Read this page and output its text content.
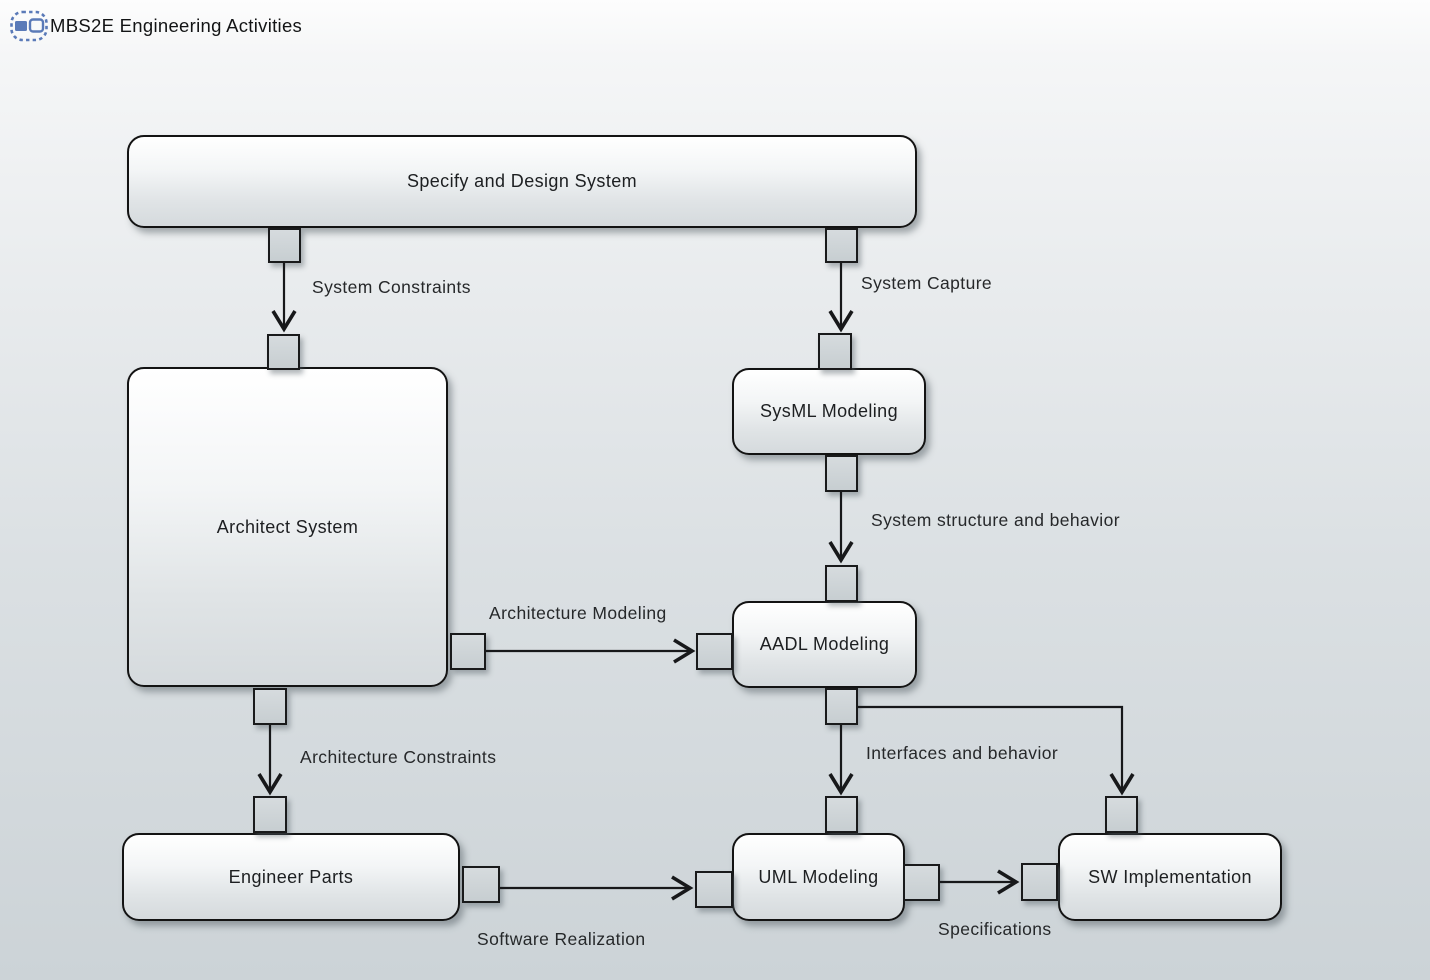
MBS2E Engineering Activities
Specify and Design System
Architect System
SysML Modeling
AADL Modeling
Engineer Parts	UML Modeling	SW Implementation
System Constraints	System Capture
System structure and behavior
Architecture Modeling
Architecture Constraints	Interfaces and behavior
Software Realization	Specifications
